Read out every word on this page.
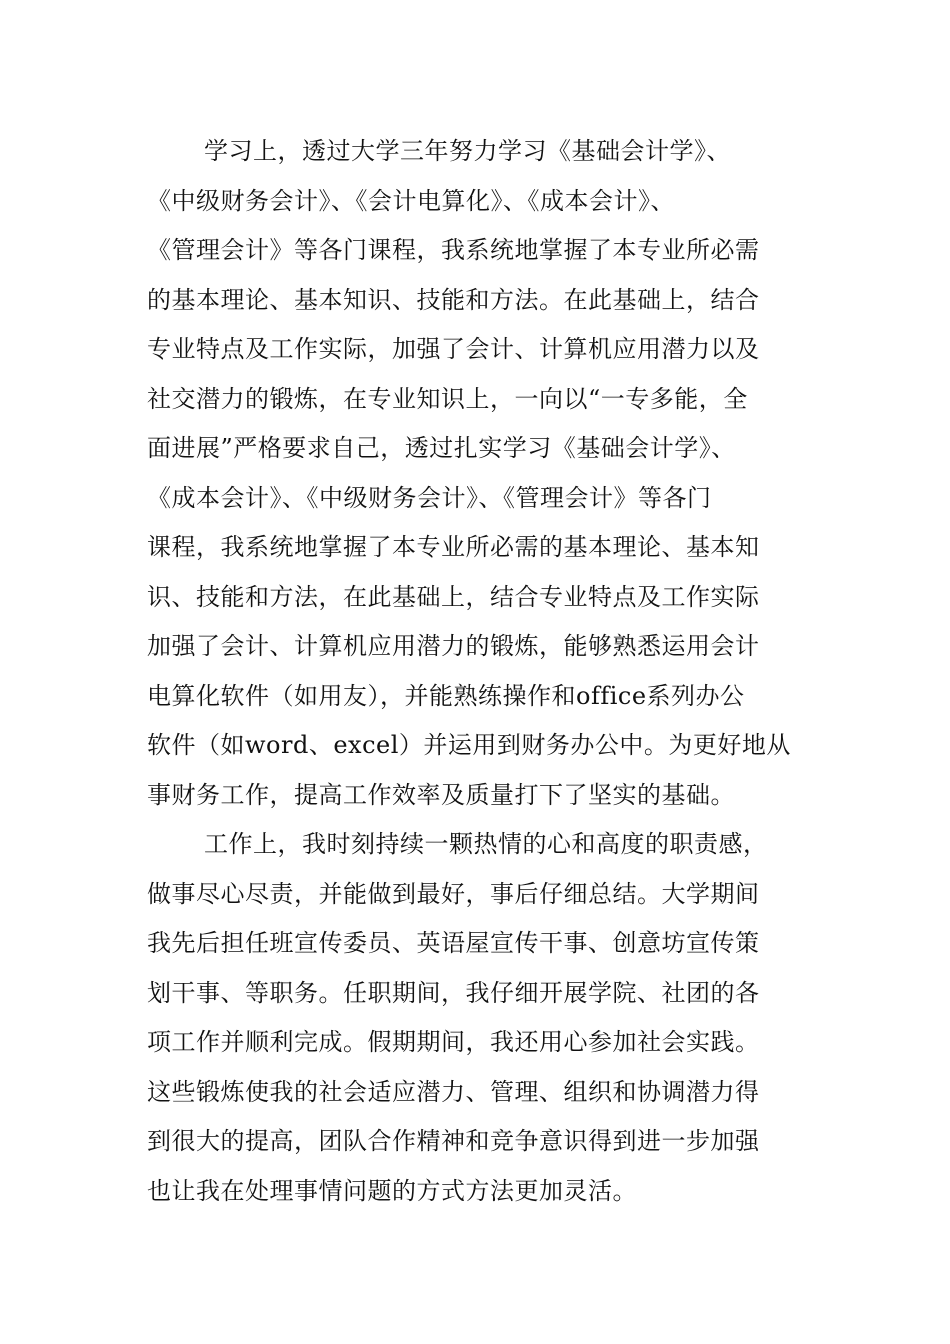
学习上，透过大学三年努力学习《基础会计学》、
《中级财务会计》、《会计电算化》、《成本会计》、
《管理会计》等各门课程，我系统地掌握了本专业所必需
的基本理论、基本知识、技能和方法。在此基础上，结合
专业特点及工作实际，加强了会计、计算机应用潜力以及
社交潜力的锻炼，在专业知识上，一向以“一专多能，全
面进展”严格要求自己，透过扎实学习《基础会计学》、
《成本会计》、《中级财务会计》、《管理会计》等各门
课程，我系统地掌握了本专业所必需的基本理论、基本知
识、技能和方法，在此基础上，结合专业特点及工作实际
加强了会计、计算机应用潜力的锻炼，能够熟悉运用会计
电算化软件（如用友），并能熟练操作和office系列办公
软件（如word、excel）并运用到财务办公中。为更好地从
事财务工作，提高工作效率及质量打下了坚实的基础。

工作上，我时刻持续一颗热情的心和高度的职责感，
做事尽心尽责，并能做到最好，事后仔细总结。大学期间
我先后担任班宣传委员、英语屋宣传干事、创意坊宣传策
划干事、等职务。任职期间，我仔细开展学院、社团的各
项工作并顺利完成。假期期间，我还用心参加社会实践。
这些锻炼使我的社会适应潜力、管理、组织和协调潜力得
到很大的提高，团队合作精神和竞争意识得到进一步加强
也让我在处理事情问题的方式方法更加灵活。
